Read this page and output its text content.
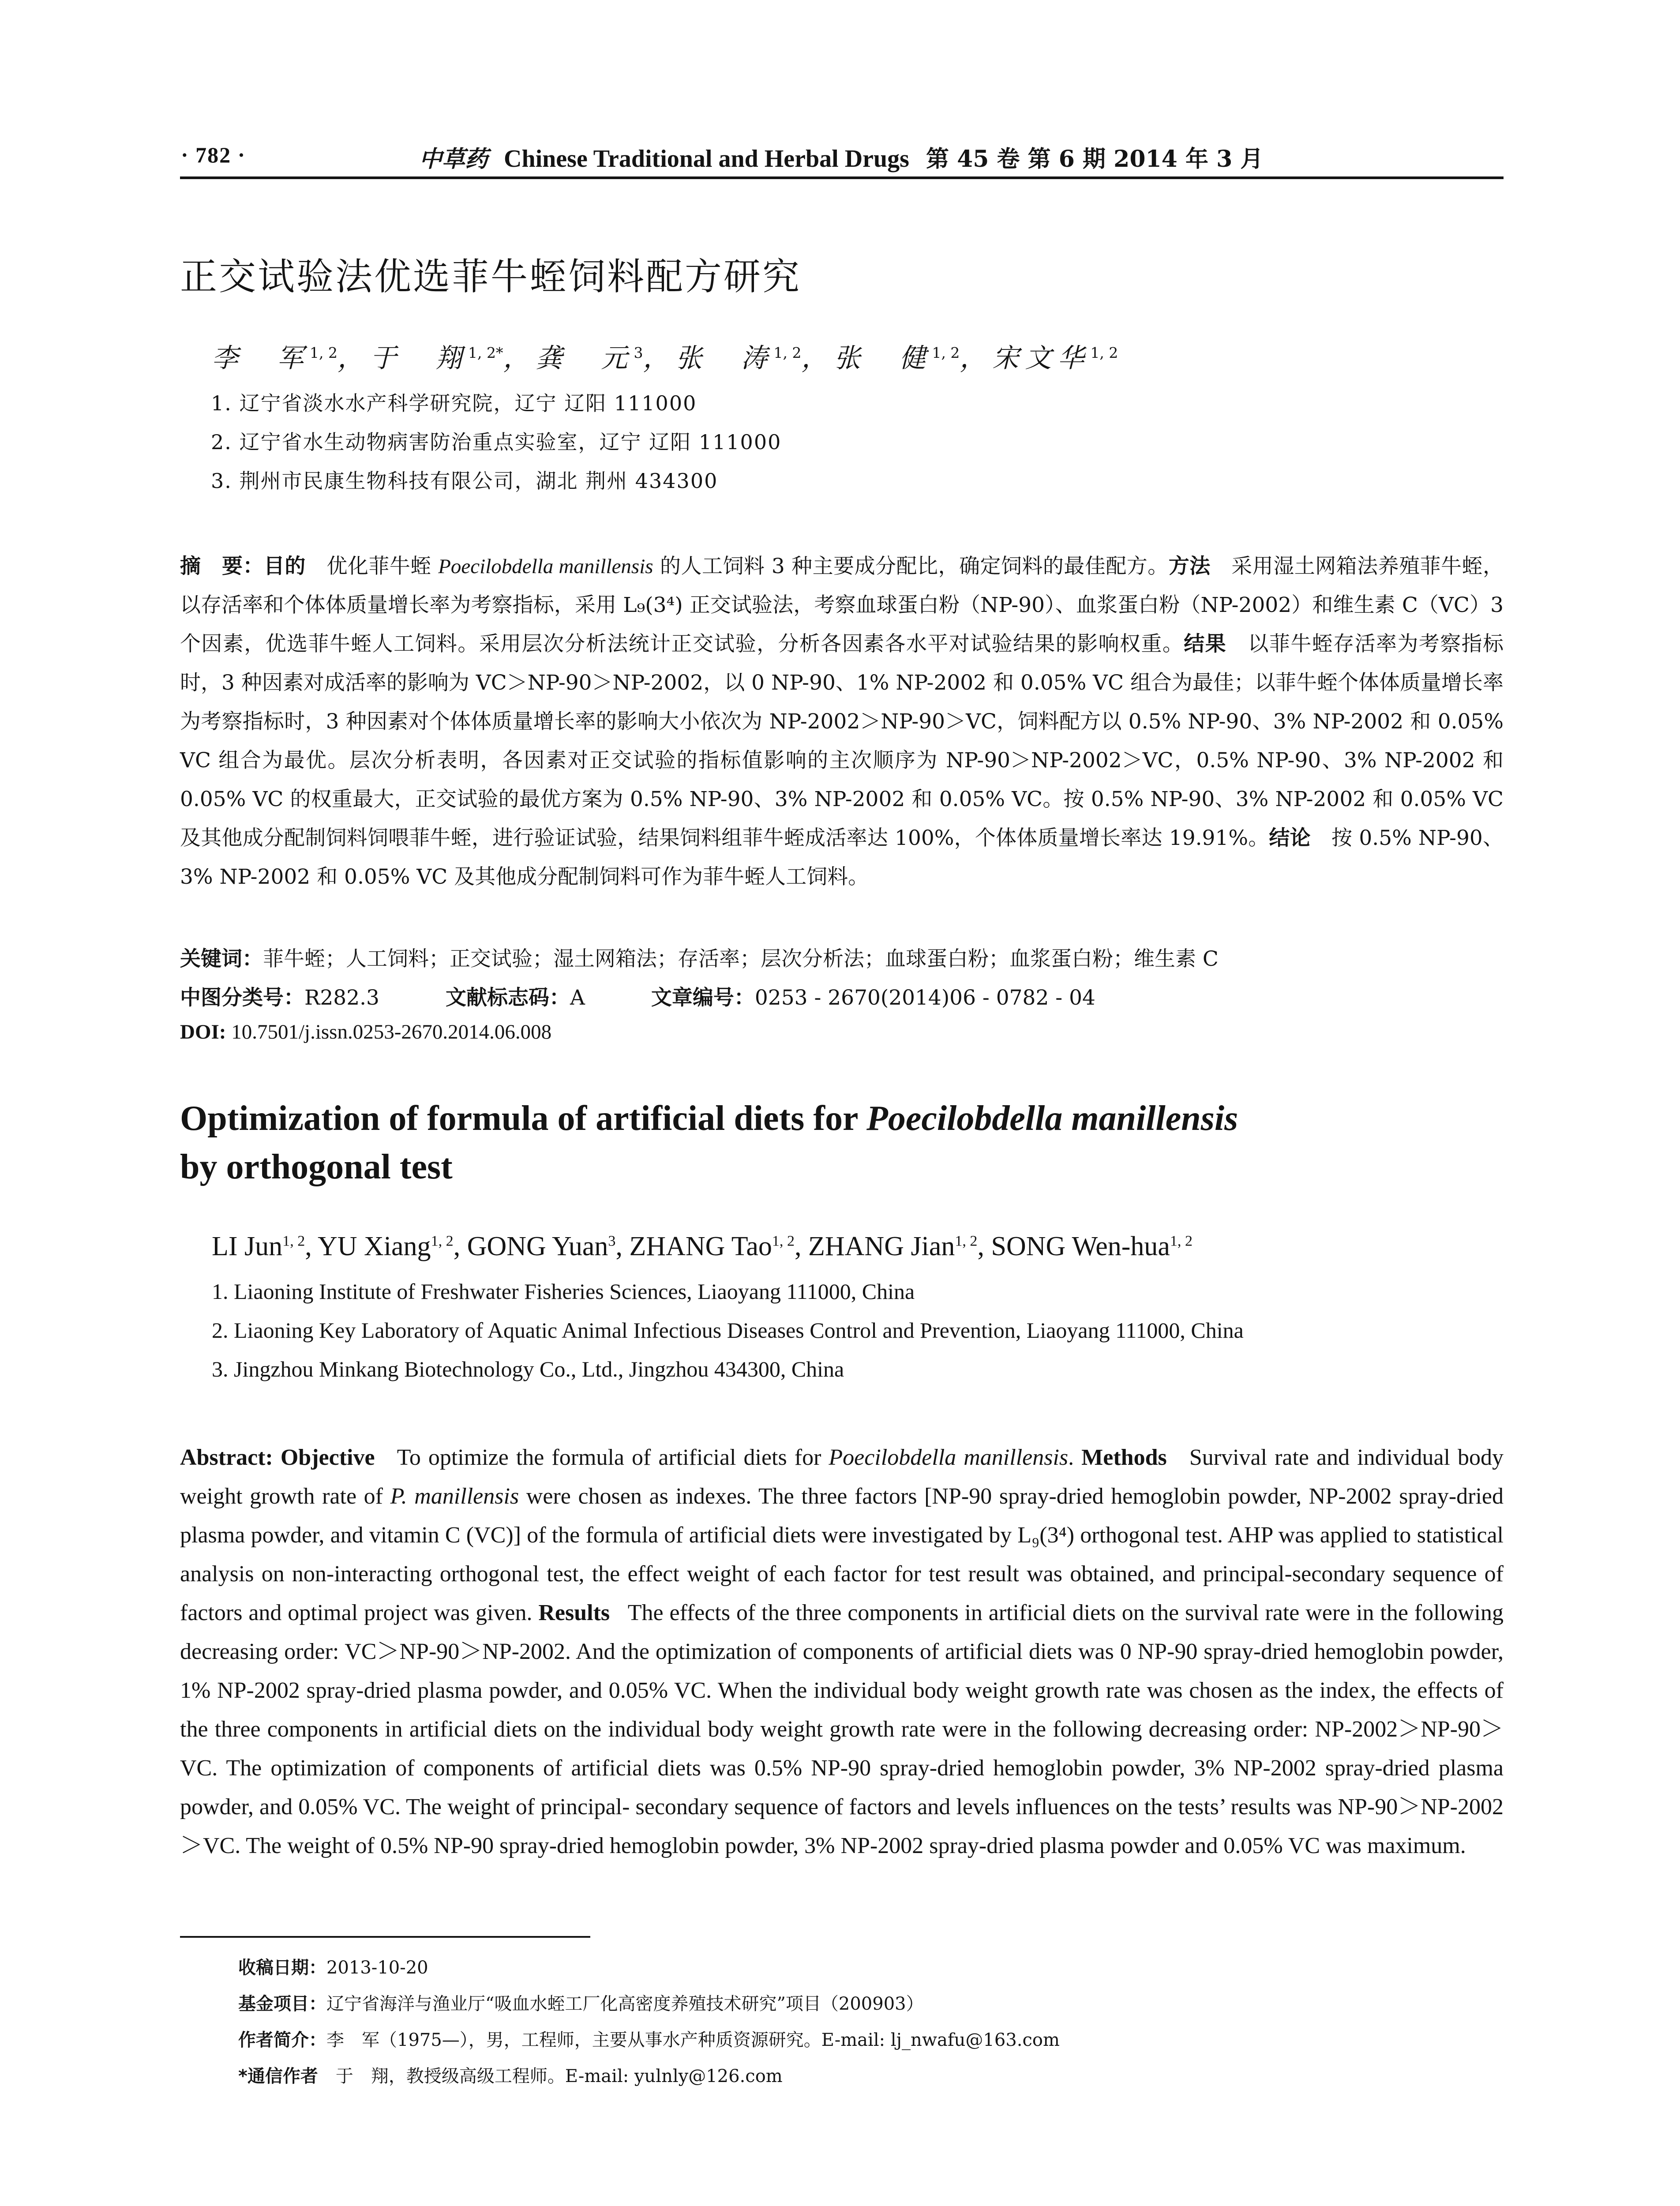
· 782 ·	中草药 Chinese Traditional and Herbal Drugs 第 45 卷 第 6 期 2014 年 3 月
正交试验法优选菲牛蛭饲料配方研究
李　军$^{1, 2}$，于　翔$^{1, 2*}$，龚　元$^3$，张　涛$^{1, 2}$，张　健$^{1, 2}$，宋文华$^{1, 2}$
1. 辽宁省淡水水产科学研究院，辽宁 辽阳 111000
2. 辽宁省水生动物病害防治重点实验室，辽宁 辽阳 111000
3. 荆州市民康生物科技有限公司，湖北 荆州 434300
摘　要：目的　 优化菲牛蛭 Poecilobdella manillensis 的人工饲料 3 种主要成分配比，确定饲料的最佳配方。方法　 采用湿土网箱法养殖菲牛蛭，以存活率和个体体质量增长率为考察指标，采用 L₉(3⁴) 正交试验法，考察血球蛋白粉（NP-90）、血浆蛋白粉（NP-2002）和维生素 C（VC）3 个因素，优选菲牛蛭人工饲料。采用层次分析法统计正交试验，分析各因素各水平对试验结果的影响权重。结果　 以菲牛蛭存活率为考察指标时，3 种因素对成活率的影响为 VC＞NP-90＞NP-2002，以 0 NP-90、1% NP-2002 和 0.05% VC 组合为最佳；以菲牛蛭个体体质量增长率为考察指标时，3 种因素对个体体质量增长率的影响大小依次为 NP-2002＞NP-90＞VC，饲料配方以 0.5% NP-90、3% NP-2002 和 0.05% VC 组合为最优。层次分析表明，各因素对正交试验的指标值影响的主次顺序为 NP-90＞NP-2002＞VC，0.5% NP-90、3% NP-2002 和 0.05% VC 的权重最大，正交试验的最优方案为 0.5% NP-90、3% NP-2002 和 0.05% VC。按 0.5% NP-90、3% NP-2002 和 0.05% VC 及其他成分配制饲料饲喂菲牛蛭，进行验证试验，结果饲料组菲牛蛭成活率达 100%，个体体质量增长率达 19.91%。结论　 按 0.5% NP-90、3% NP-2002 和 0.05% VC 及其他成分配制饲料可作为菲牛蛭人工饲料。
关键词：菲牛蛭；人工饲料；正交试验；湿土网箱法；存活率；层次分析法；血球蛋白粉；血浆蛋白粉；维生素 C
中图分类号：R282.3	文献标志码：A	文章编号：0253 - 2670(2014)06 - 0782 - 04
DOI: 10.7501/j.issn.0253-2670.2014.06.008
Optimization of formula of artificial diets for Poecilobdella manillensis
by orthogonal test
LI Jun$^{1, 2}$, YU Xiang$^{1, 2}$, GONG Yuan$^3$, ZHANG Tao$^{1, 2}$, ZHANG Jian$^{1, 2}$, SONG Wen-hua$^{1, 2}$
1. Liaoning Institute of Freshwater Fisheries Sciences, Liaoyang 111000, China
2. Liaoning Key Laboratory of Aquatic Animal Infectious Diseases Control and Prevention, Liaoyang 111000, China
3. Jingzhou Minkang Biotechnology Co., Ltd., Jingzhou 434300, China
Abstract: Objective To optimize the formula of artificial diets for Poecilobdella manillensis. Methods Survival rate and individual body weight growth rate of P. manillensis were chosen as indexes. The three factors [NP-90 spray-dried hemoglobin powder, NP-2002 spray-dried plasma powder, and vitamin C (VC)] of the formula of artificial diets were investigated by L₉(3⁴) orthogonal test. AHP was applied to statistical analysis on non-interacting orthogonal test, the effect weight of each factor for test result was obtained, and principal-secondary sequence of factors and optimal project was given. Results The effects of the three components in artificial diets on the survival rate were in the following decreasing order: VC＞NP-90＞NP-2002. And the optimization of components of artificial diets was 0 NP-90 spray-dried hemoglobin powder, 1% NP-2002 spray-dried plasma powder, and 0.05% VC. When the individual body weight growth rate was chosen as the index, the effects of the three components in artificial diets on the individual body weight growth rate were in the following decreasing order: NP-2002＞NP-90＞VC. The optimization of components of artificial diets was 0.5% NP-90 spray-dried hemoglobin powder, 3% NP-2002 spray-dried plasma powder, and 0.05% VC. The weight of principal- secondary sequence of factors and levels influences on the tests’ results was NP-90＞NP-2002＞VC. The weight of 0.5% NP-90 spray-dried hemoglobin powder, 3% NP-2002 spray-dried plasma powder and 0.05% VC was maximum.
收稿日期：2013-10-20
基金项目：辽宁省海洋与渔业厅“吸血水蛭工厂化高密度养殖技术研究”项目（200903）
作者简介：李　军（1975—），男，工程师，主要从事水产种质资源研究。E-mail: lj_nwafu@163.com
*通信作者　于　翔，教授级高级工程师。E-mail: yulnly@126.com
